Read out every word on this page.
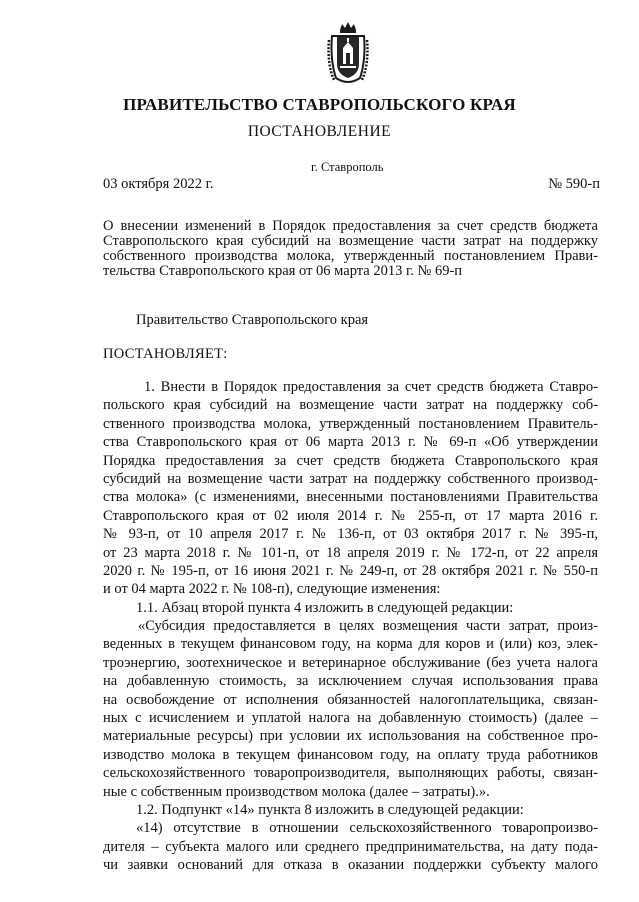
ПРАВИТЕЛЬСТВО СТАВРОПОЛЬСКОГО КРАЯ
ПОСТАНОВЛЕНИЕ
г. Ставрополь
03 октября 2022 г.	№ 590-п
О внесении изменений в Порядок предоставления за счет средств бюджета
Ставропольского края субсидий на возмещение части затрат на поддержку
собственного производства молока, утвержденный постановлением Прави-
тельства Ставропольского края от 06 марта 2013 г. № 69-п
Правительство Ставропольского края
ПОСТАНОВЛЯЕТ:
1. Внести в Порядок предоставления за счет средств бюджета Ставро-
польского края субсидий на возмещение части затрат на поддержку соб-
ственного производства молока, утвержденный постановлением Правитель-
ства Ставропольского края от 06 марта 2013 г. № 69-п «Об утверждении
Порядка предоставления за счет средств бюджета Ставропольского края
субсидий на возмещение части затрат на поддержку собственного производ-
ства молока» (с изменениями, внесенными постановлениями Правительства
Ставропольского края от 02 июля 2014 г. № 255-п, от 17 марта 2016 г.
№ 93-п, от 10 апреля 2017 г. № 136-п, от 03 октября 2017 г. № 395-п,
от 23 марта 2018 г. № 101-п, от 18 апреля 2019 г. № 172-п, от 22 апреля
2020 г. № 195-п, от 16 июня 2021 г. № 249-п, от 28 октября 2021 г. № 550-п
и от 04 марта 2022 г. № 108-п), следующие изменения:
1.1. Абзац второй пункта 4 изложить в следующей редакции:
«Субсидия предоставляется в целях возмещения части затрат, произ-
веденных в текущем финансовом году, на корма для коров и (или) коз, элек-
троэнергию, зоотехническое и ветеринарное обслуживание (без учета налога
на добавленную стоимость, за исключением случая использования права
на освобождение от исполнения обязанностей налогоплательщика, связан-
ных с исчислением и уплатой налога на добавленную стоимость) (далее –
материальные ресурсы) при условии их использования на собственное про-
изводство молока в текущем финансовом году, на оплату труда работников
сельскохозяйственного товаропроизводителя, выполняющих работы, связан-
ные с собственным производством молока (далее – затраты).».
1.2. Подпункт «14» пункта 8 изложить в следующей редакции:
«14) отсутствие в отношении сельскохозяйственного товаропроизво-
дителя – субъекта малого или среднего предпринимательства, на дату пода-
чи заявки оснований для отказа в оказании поддержки субъекту малого
